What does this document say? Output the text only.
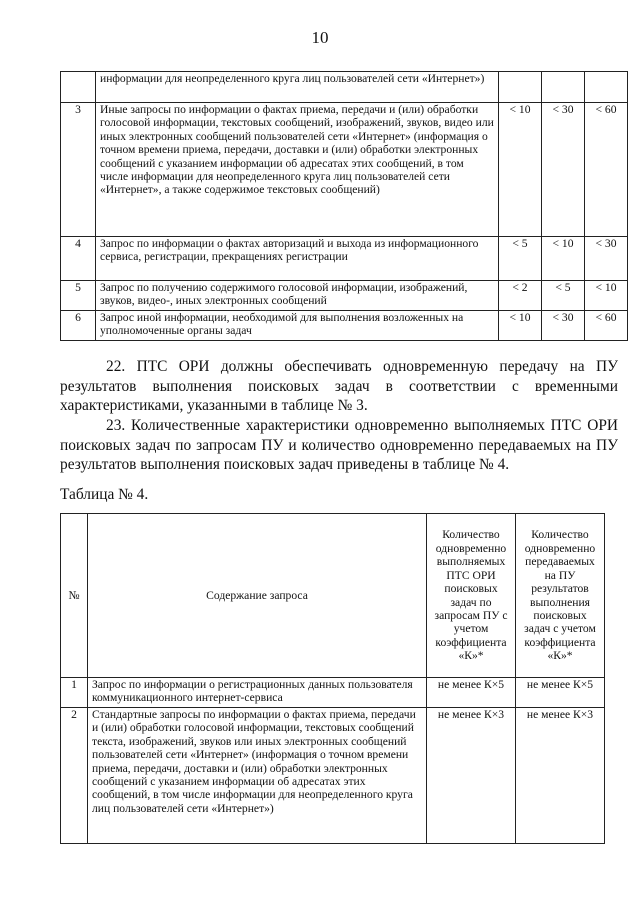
10
	информации для неопределенного круга лиц пользователей сети «Интернет»)			
3	Иные запросы по информации о фактах приема, передачи и (или) обработки голосовой информации, текстовых сообщений, изображений, звуков, видео или иных электронных сообщений пользователей сети «Интернет» (информация о точном времени приема, передачи, доставки и (или) обработки электронных сообщений с указанием информации об адресатах этих сообщений, в том числе информации для неопределенного круга лиц пользователей сети «Интернет», а также содержимое текстовых сообщений)	< 10	< 30	< 60
4	Запрос по информации о фактах авторизаций и выхода из информационного сервиса, регистрации, прекращениях регистрации	< 5	< 10	< 30
5	Запрос по получению содержимого голосовой информации, изображений, звуков, видео-, иных электронных сообщений	< 2	< 5	< 10
6	Запрос иной информации, необходимой для выполнения возложенных на уполномоченные органы задач	< 10	< 30	< 60
22. ПТС ОРИ должны обеспечивать одновременную передачу на ПУ результатов выполнения поисковых задач в соответствии с временными характеристиками, указанными в таблице № 3.
23. Количественные характеристики одновременно выполняемых ПТС ОРИ поисковых задач по запросам ПУ и количество одновременно передаваемых на ПУ результатов выполнения поисковых задач приведены в таблице № 4.
Таблица № 4.
№	Содержание запроса	Количество одновременно выполняемых ПТС ОРИ поисковых задач по запросам ПУ с учетом коэффициента «К»*	Количество одновременно передаваемых на ПУ результатов выполнения поисковых задач с учетом коэффициента «К»*
1	Запрос по информации о регистрационных данных пользователя коммуникационного интернет-сервиса	не менее К×5	не менее К×5
2	Стандартные запросы по информации о фактах приема, передачи и (или) обработки голосовой информации, текстовых сообщений текста, изображений, звуков или иных электронных сообщений пользователей сети «Интернет» (информация о точном времени приема, передачи, доставки и (или) обработки электронных сообщений с указанием информации об адресатах этих сообщений, в том числе информации для неопределенного круга лиц пользователей сети «Интернет»)	не менее К×3	не менее К×3
